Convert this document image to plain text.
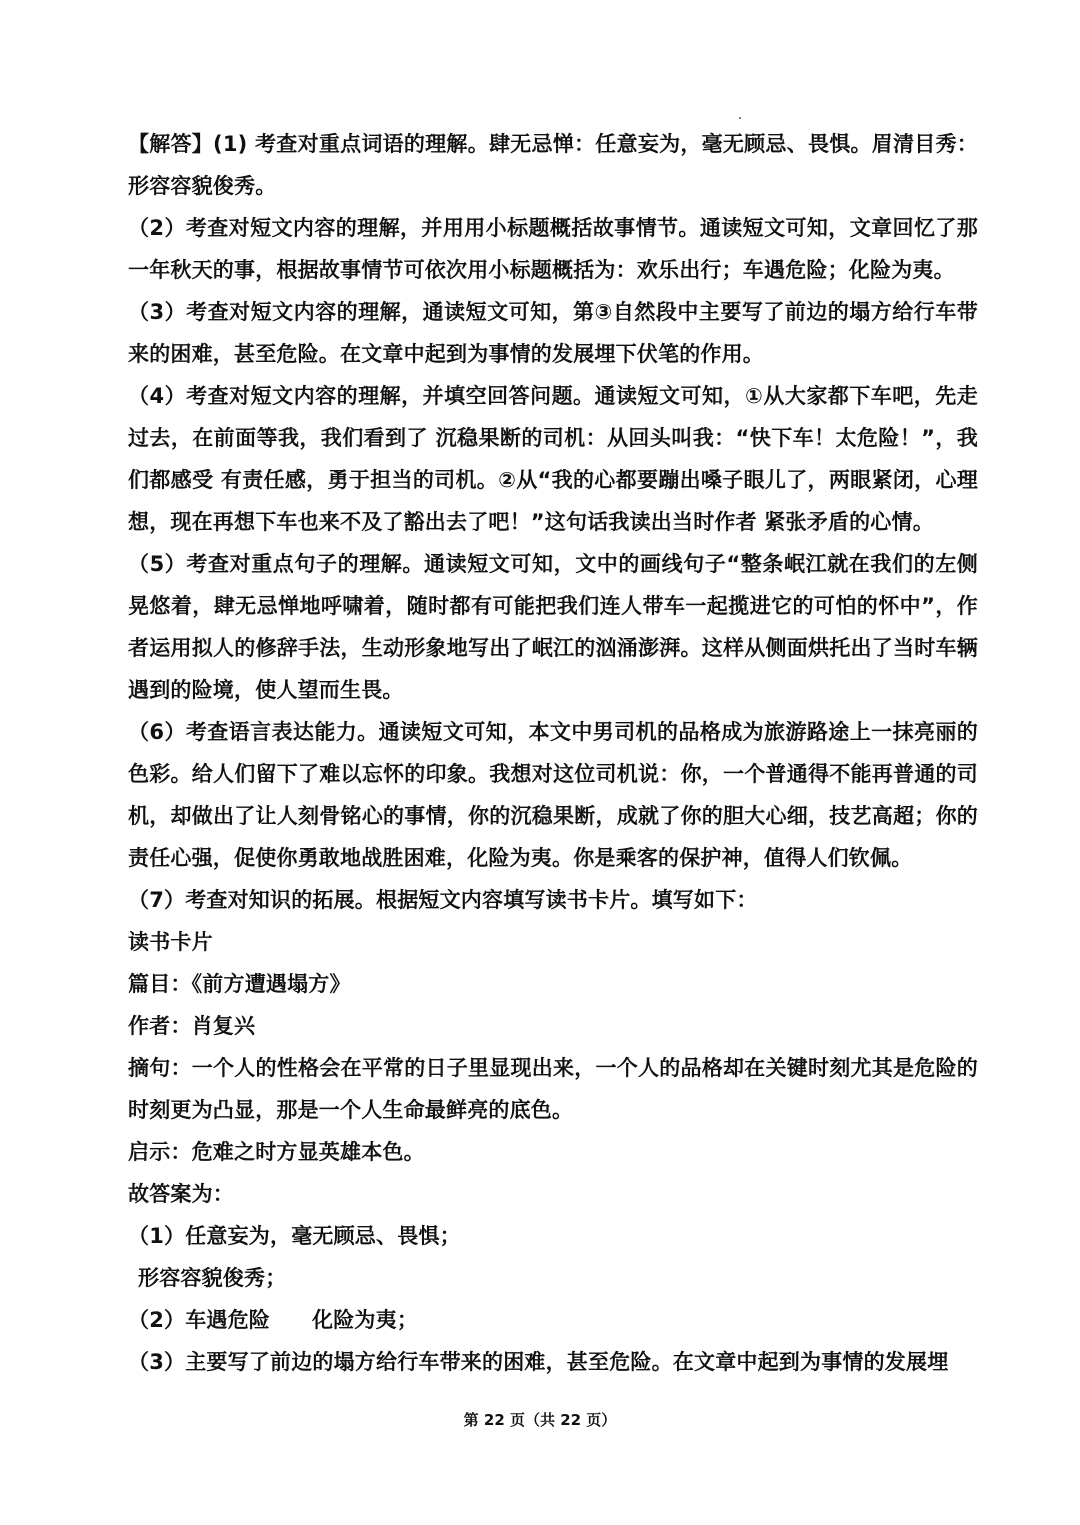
【解答】(1) 考查对重点词语的理解。肆无忌惮：任意妄为，毫无顾忌、畏惧。眉清目秀：形容容貌俊秀。

（2）考查对短文内容的理解，并用用小标题概括故事情节。通读短文可知，文章回忆了那一年秋天的事，根据故事情节可依次用小标题概括为：欢乐出行；车遇危险；化险为夷。

（3）考查对短文内容的理解，通读短文可知，第③自然段中主要写了前边的塌方给行车带来的困难，甚至危险。在文章中起到为事情的发展埋下伏笔的作用。

（4）考查对短文内容的理解，并填空回答问题。通读短文可知，①从大家都下车吧，先走过去，在前面等我，我们看到了 沉稳果断的司机：从回头叫我：“快下车！太危险！”，我们都感受 有责任感，勇于担当的司机。②从“我的心都要蹦出嗓子眼儿了，两眼紧闭，心理想，现在再想下车也来不及了豁出去了吧！”这句话我读出当时作者 紧张矛盾的心情。

（5）考查对重点句子的理解。通读短文可知，文中的画线句子“整条岷江就在我们的左侧晃悠着，肆无忌惮地呼啸着，随时都有可能把我们连人带车一起揽进它的可怕的怀中”，作者运用拟人的修辞手法，生动形象地写出了岷江的汹涌澎湃。这样从侧面烘托出了当时车辆遇到的险境，使人望而生畏。

（6）考查语言表达能力。通读短文可知，本文中男司机的品格成为旅游路途上一抹亮丽的色彩。给人们留下了难以忘怀的印象。我想对这位司机说：你，一个普通得不能再普通的司机，却做出了让人刻骨铭心的事情，你的沉稳果断，成就了你的胆大心细，技艺高超；你的责任心强，促使你勇敢地战胜困难，化险为夷。你是乘客的保护神，值得人们钦佩。

（7）考查对知识的拓展。根据短文内容填写读书卡片。填写如下：

读书卡片

篇目：《前方遭遇塌方》

作者：肖复兴

摘句：一个人的性格会在平常的日子里显现出来，一个人的品格却在关键时刻尤其是危险的时刻更为凸显，那是一个人生命最鲜亮的底色。

启示：危难之时方显英雄本色。

故答案为：

（1）任意妄为，毫无顾忌、畏惧；

形容容貌俊秀；

（2）车遇危险 化险为夷；

（3）主要写了前边的塌方给行车带来的困难，甚至危险。在文章中起到为事情的发展埋

第 22 页（共 22 页）
